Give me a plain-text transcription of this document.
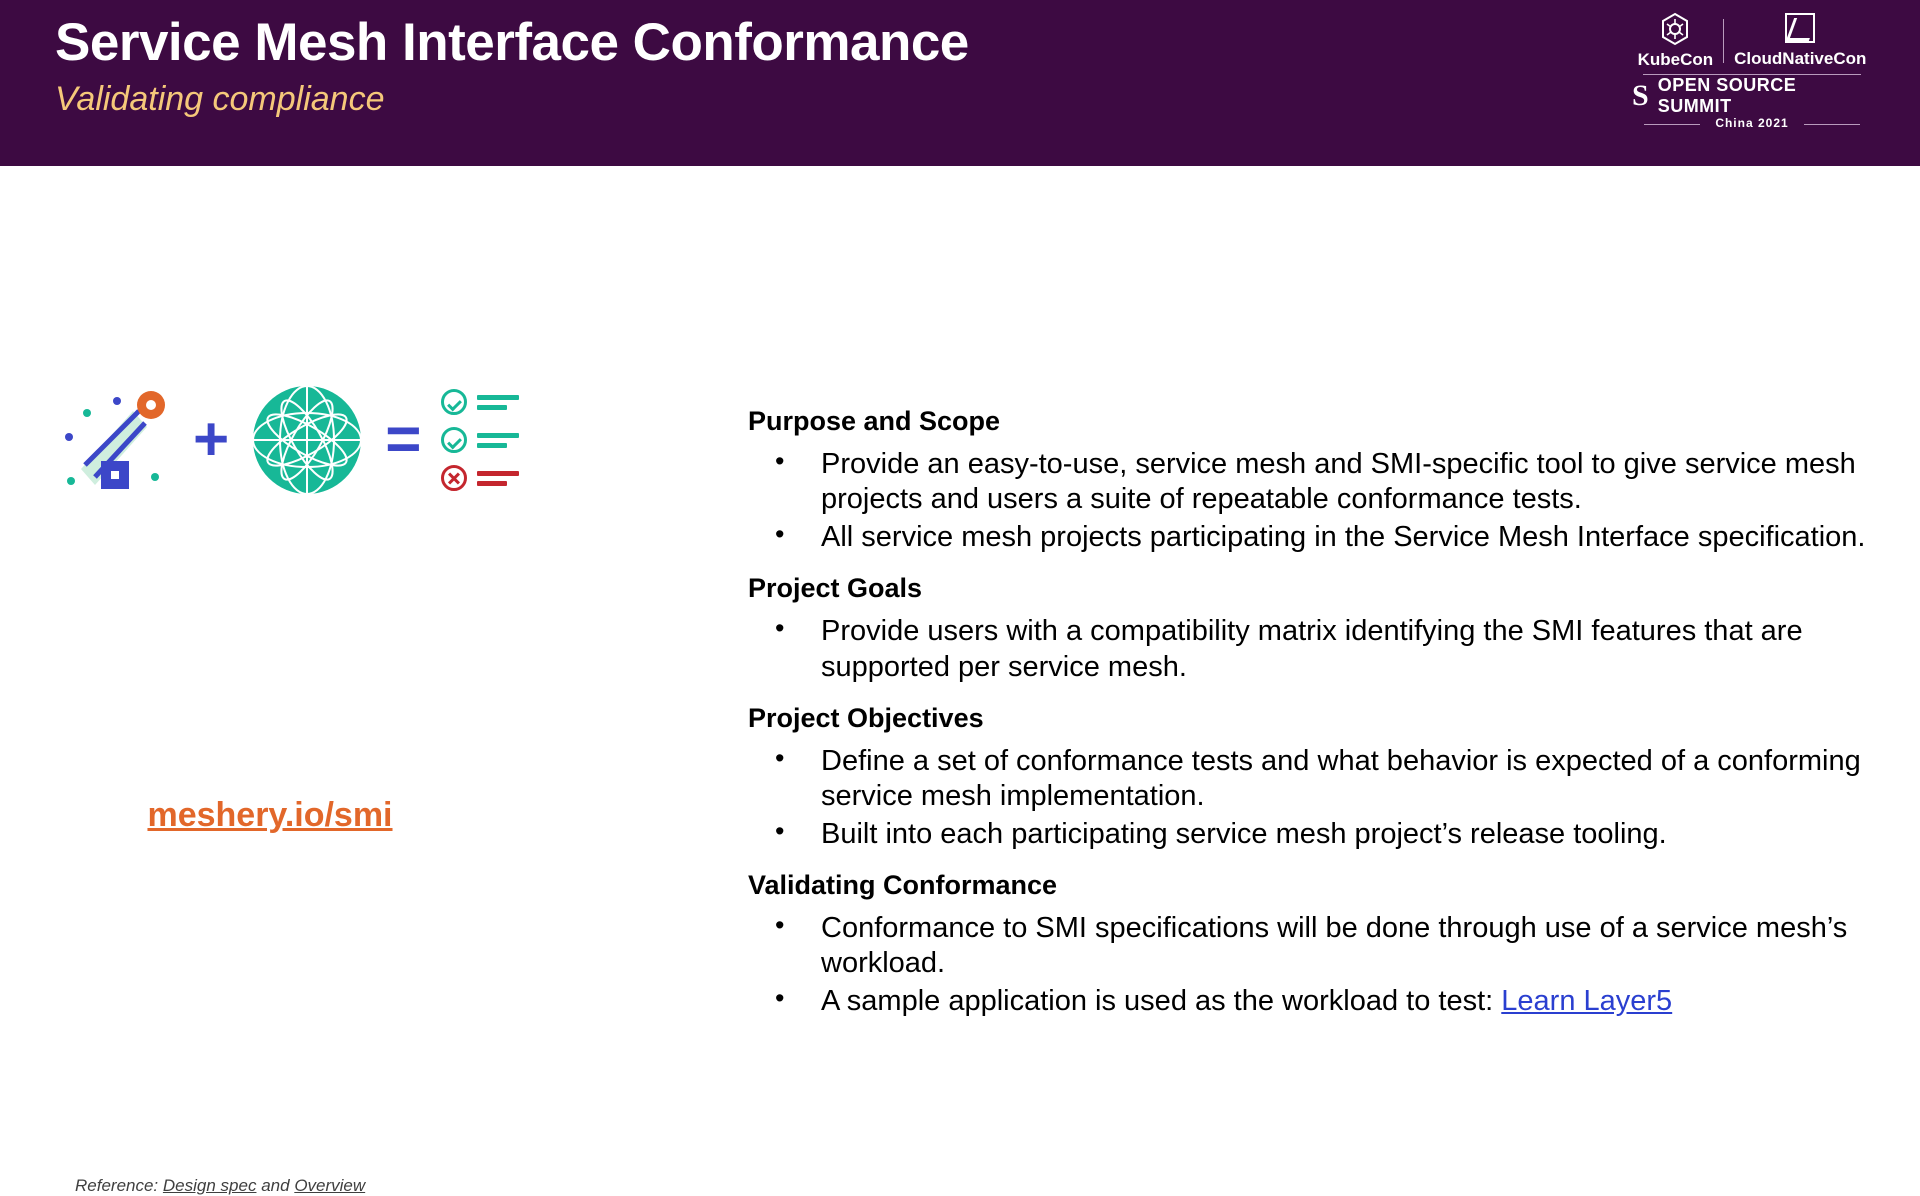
Service Mesh Interface Conformance
Validating compliance
KubeCon CloudNativeCon
S OPEN SOURCE SUMMIT
China 2021
+	=
meshery.io/smi
Reference: Design spec and Overview
Purpose and Scope
• Provide an easy-to-use, service mesh and SMI-specific tool to give service mesh projects and users a suite of repeatable conformance tests.
• All service mesh projects participating in the Service Mesh Interface specification.
Project Goals
• Provide users with a compatibility matrix identifying the SMI features that are supported per service mesh.
Project Objectives
• Define a set of conformance tests and what behavior is expected of a conforming service mesh implementation.
• Built into each participating service mesh project’s release tooling.
Validating Conformance
• Conformance to SMI specifications will be done through use of a service mesh’s workload.
• A sample application is used as the workload to test: Learn Layer5
